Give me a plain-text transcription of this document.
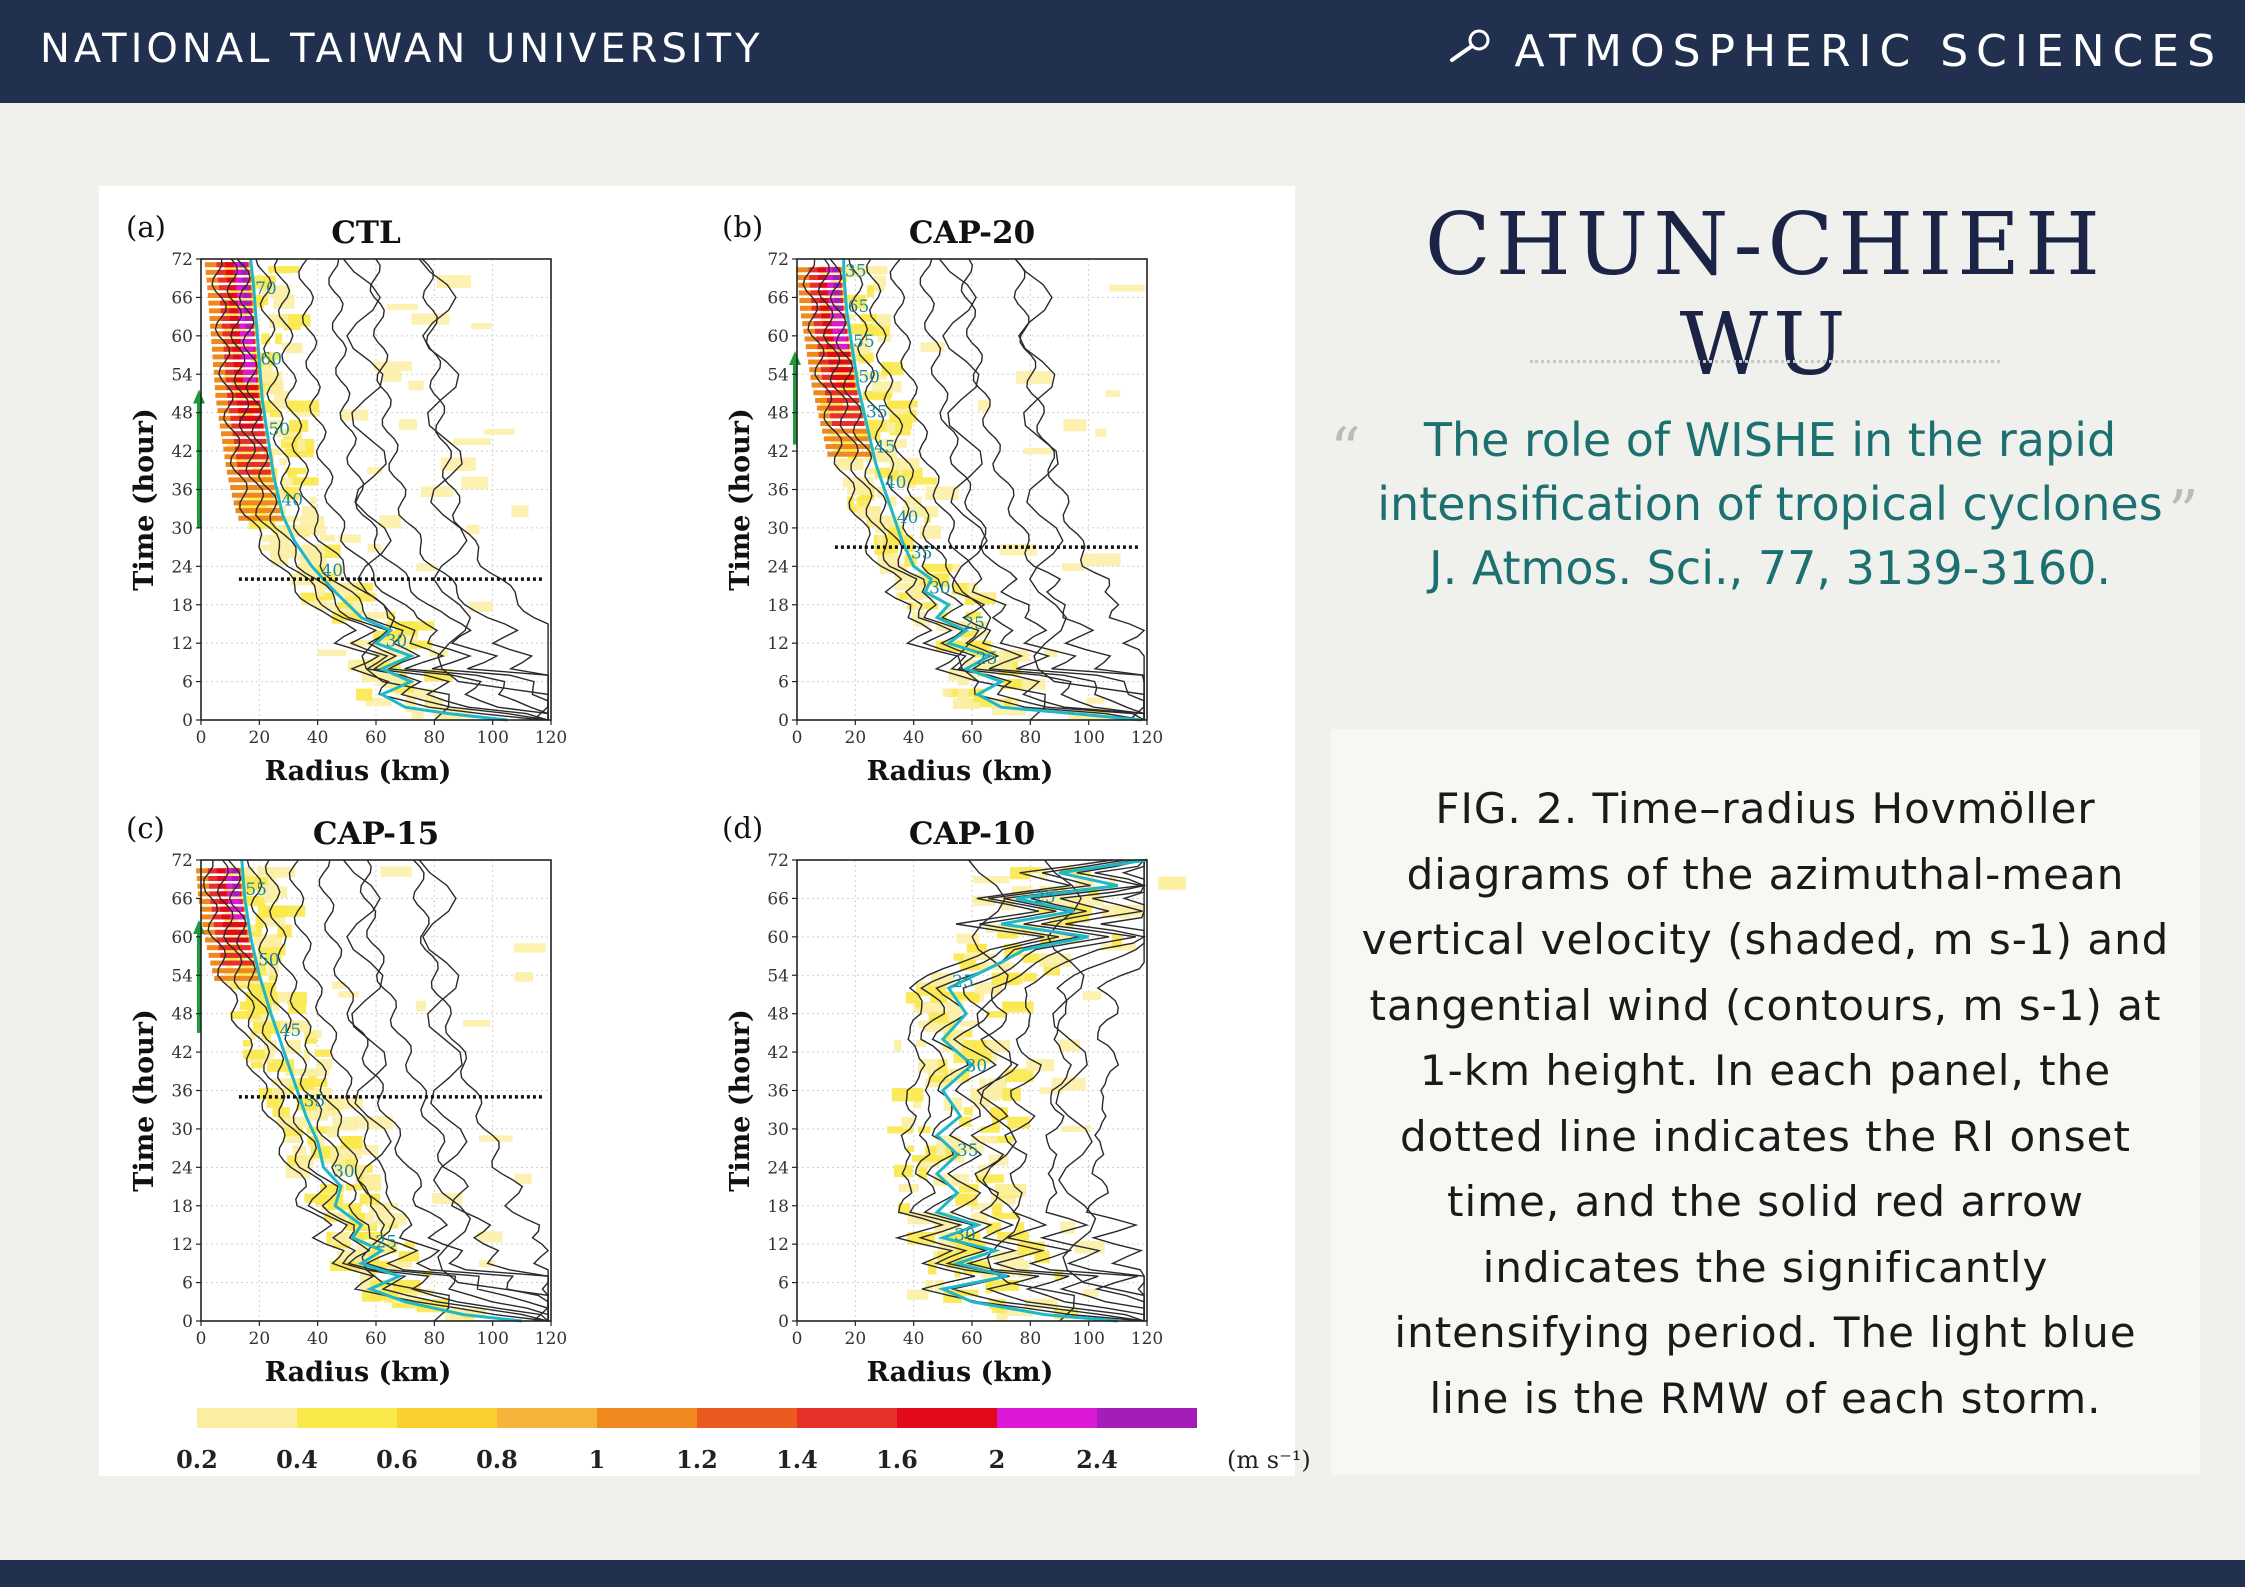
NATIONAL TAIWAN UNIVERSITY	ATMOSPHERIC SCIENCES
70
60
50
40
40
30
0 20 40 60 80 100 120
0
6
12
18
24
30
36
42
48
54
60
66
72
Radius (km)
Time (hour)
(a)	CTL
35
65
55
50
35
45
40
40
35
30
25
25
0 20 40 60 80 100 120
0
6
12
18
24
30
36
42
48
54
60
66
72
Radius (km)
Time (hour)
(b)	CAP-20
55
50
45
35
30
25
0 20 40 60 80 100 120
0
6
12
18
24
30
36
42
48
54
60
66
72
Radius (km)
Time (hour)
(c)	CAP-15
25
25
30
35
30
0 20 40 60 80 100 120
0
6
12
18
24
30
36
42
48
54
60
66
72
Radius (km)
Time (hour)
(d)	CAP-10
0.2 0.4 0.6 0.8	1	1.2 1.4 1.6	2	2.4	(m s⁻¹)
CHUN-CHIEH WU
“	The role of WISHE in the rapid intensification of tropical cyclones
J. Atmos. Sci., 77, 3139-3160.
”
FIG. 2. Time–radius Hovmöller diagrams of the azimuthal-mean vertical velocity (shaded, m s-1) and tangential wind (contours, m s-1) at 1-km height. In each panel, the dotted line indicates the RI onset time, and the solid red arrow indicates the significantly intensifying period. The light blue line is the RMW of each storm.
